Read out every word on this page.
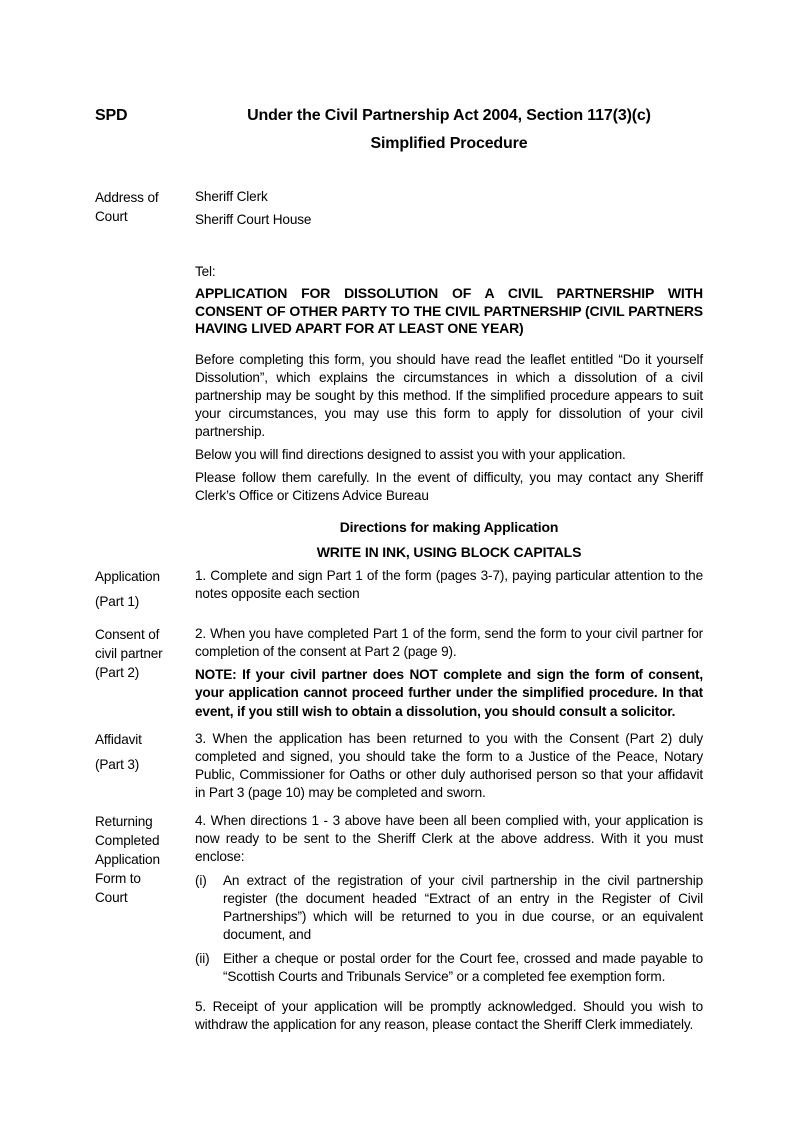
SPD	Under the Civil Partnership Act 2004, Section 117(3)(c)
Simplified Procedure
Address of
Court
Sheriff Clerk
Sheriff Court House
Tel:
APPLICATION FOR DISSOLUTION OF A CIVIL PARTNERSHIP WITH CONSENT OF OTHER PARTY TO THE CIVIL PARTNERSHIP (CIVIL PARTNERS HAVING LIVED APART FOR AT LEAST ONE YEAR)

Before completing this form, you should have read the leaflet entitled “Do it yourself Dissolution”, which explains the circumstances in which a dissolution of a civil partnership may be sought by this method. If the simplified procedure appears to suit your circumstances, you may use this form to apply for dissolution of your civil partnership.

Below you will find directions designed to assist you with your application.

Please follow them carefully. In the event of difficulty, you may contact any Sheriff Clerk’s Office or Citizens Advice Bureau

Directions for making Application
WRITE IN INK, USING BLOCK CAPITALS
Application
(Part 1)

1. Complete and sign Part 1 of the form (pages 3-7), paying particular attention to the notes opposite each section

Consent of
civil partner
(Part 2)

2. When you have completed Part 1 of the form, send the form to your civil partner for completion of the consent at Part 2 (page 9).

NOTE: If your civil partner does NOT complete and sign the form of consent, your application cannot proceed further under the simplified procedure. In that event, if you still wish to obtain a dissolution, you should consult a solicitor.

Affidavit
(Part 3)

3. When the application has been returned to you with the Consent (Part 2) duly completed and signed, you should take the form to a Justice of the Peace, Notary Public, Commissioner for Oaths or other duly authorised person so that your affidavit in Part 3 (page 10) may be completed and sworn.

Returning
Completed
Application
Form to
Court

4. When directions 1 - 3 above have been all been complied with, your application is now ready to be sent to the Sheriff Clerk at the above address. With it you must enclose:

(i)	An extract of the registration of your civil partnership in the civil partnership register (the document headed “Extract of an entry in the Register of Civil Partnerships”) which will be returned to you in due course, or an equivalent document, and

(ii) Either a cheque or postal order for the Court fee, crossed and made payable to “Scottish Courts and Tribunals Service” or a completed fee exemption form.

5. Receipt of your application will be promptly acknowledged. Should you wish to withdraw the application for any reason, please contact the Sheriff Clerk immediately.
